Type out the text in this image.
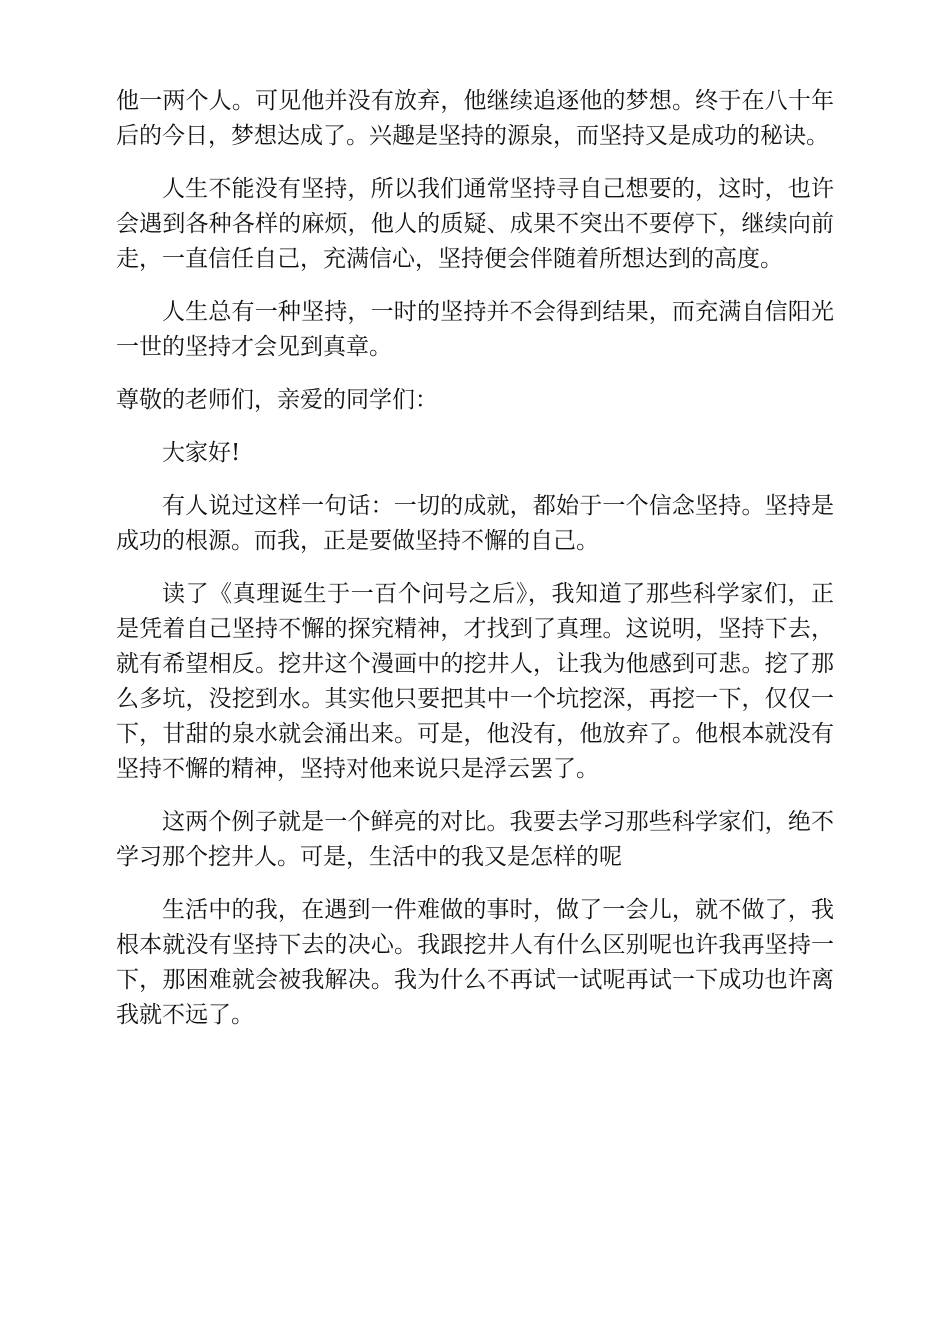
他一两个人。可见他并没有放弃，他继续追逐他的梦想。终于在八十年后的今日，梦想达成了。兴趣是坚持的源泉，而坚持又是成功的秘诀。

人生不能没有坚持，所以我们通常坚持寻自己想要的，这时，也许会遇到各种各样的麻烦，他人的质疑、成果不突出不要停下，继续向前走，一直信任自己，充满信心，坚持便会伴随着所想达到的高度。

人生总有一种坚持，一时的坚持并不会得到结果，而充满自信阳光一世的坚持才会见到真章。

尊敬的老师们，亲爱的同学们：

大家好!

有人说过这样一句话：一切的成就，都始于一个信念坚持。坚持是成功的根源。而我，正是要做坚持不懈的自己。

读了《真理诞生于一百个问号之后》，我知道了那些科学家们，正是凭着自己坚持不懈的探究精神，才找到了真理。这说明，坚持下去，就有希望相反。挖井这个漫画中的挖井人，让我为他感到可悲。挖了那么多坑，没挖到水。其实他只要把其中一个坑挖深，再挖一下，仅仅一下，甘甜的泉水就会涌出来。可是，他没有，他放弃了。他根本就没有坚持不懈的精神，坚持对他来说只是浮云罢了。

这两个例子就是一个鲜亮的对比。我要去学习那些科学家们，绝不学习那个挖井人。可是，生活中的我又是怎样的呢

生活中的我，在遇到一件难做的事时，做了一会儿，就不做了，我根本就没有坚持下去的决心。我跟挖井人有什么区别呢也许我再坚持一下，那困难就会被我解决。我为什么不再试一试呢再试一下成功也许离我就不远了。
